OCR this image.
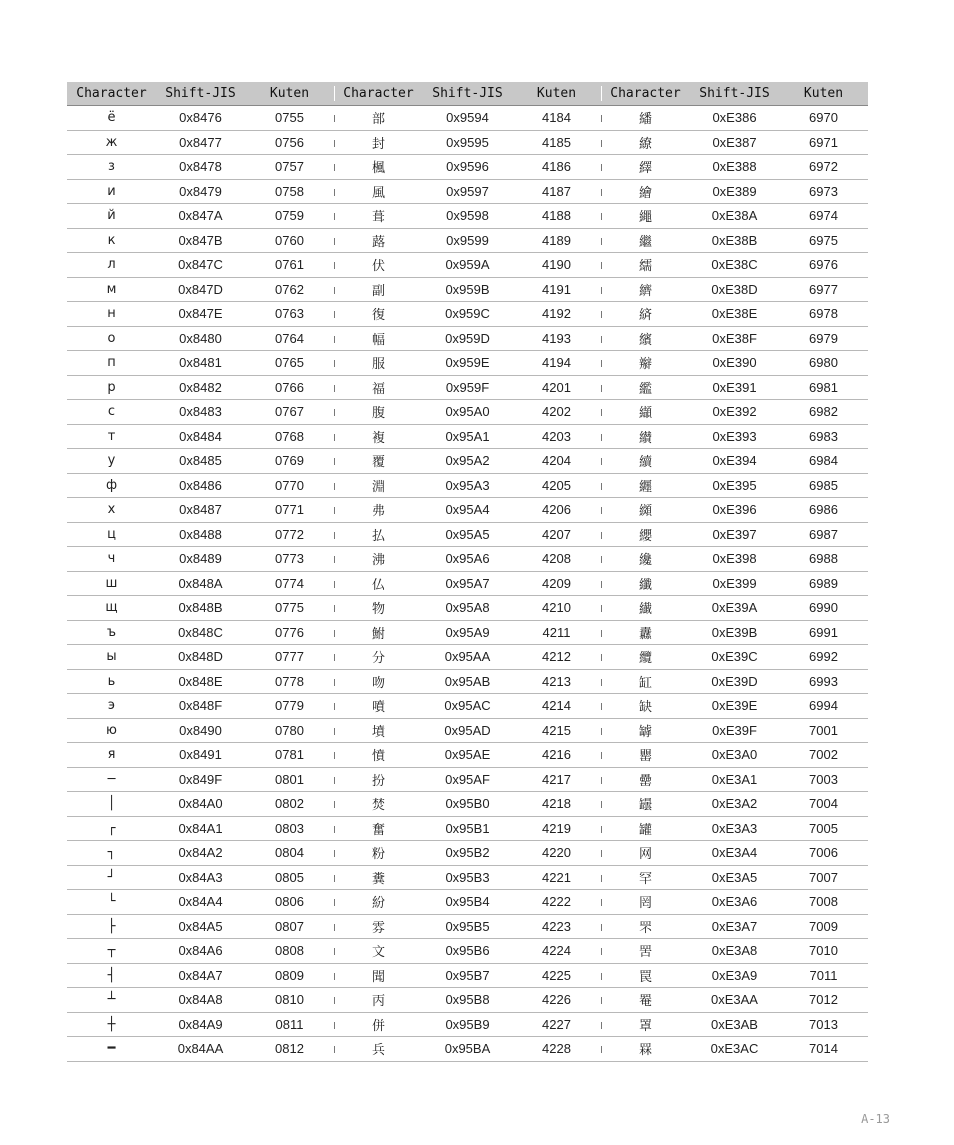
Character	Shift-JIS	Kuten	Character	Shift-JIS	Kuten	Character	Shift-JIS	Kuten
ё	0x8476	0755	部	0x9594	4184	繙	0xE386	6970
ж	0x8477	0756	封	0x9595	4185	繚	0xE387	6971
з	0x8478	0757	楓	0x9596	4186	繹	0xE388	6972
и	0x8479	0758	風	0x9597	4187	繪	0xE389	6973
й	0x847A	0759	葺	0x9598	4188	繩	0xE38A	6974
к	0x847B	0760	蕗	0x9599	4189	繼	0xE38B	6975
л	0x847C	0761	伏	0x959A	4190	繻	0xE38C	6976
м	0x847D	0762	副	0x959B	4191	纃	0xE38D	6977
н	0x847E	0763	復	0x959C	4192	緕	0xE38E	6978
о	0x8480	0764	幅	0x959D	4193	繽	0xE38F	6979
п	0x8481	0765	服	0x959E	4194	辮	0xE390	6980
р	0x8482	0766	福	0x959F	4201	繿	0xE391	6981
с	0x8483	0767	腹	0x95A0	4202	纈	0xE392	6982
т	0x8484	0768	複	0x95A1	4203	纉	0xE393	6983
у	0x8485	0769	覆	0x95A2	4204	續	0xE394	6984
ф	0x8486	0770	淵	0x95A3	4205	纒	0xE395	6985
х	0x8487	0771	弗	0x95A4	4206	纐	0xE396	6986
ц	0x8488	0772	払	0x95A5	4207	纓	0xE397	6987
ч	0x8489	0773	沸	0x95A6	4208	纔	0xE398	6988
ш	0x848A	0774	仏	0x95A7	4209	纖	0xE399	6989
щ	0x848B	0775	物	0x95A8	4210	纎	0xE39A	6990
ъ	0x848C	0776	鮒	0x95A9	4211	纛	0xE39B	6991
ы	0x848D	0777	分	0x95AA	4212	纜	0xE39C	6992
ь	0x848E	0778	吻	0x95AB	4213	缸	0xE39D	6993
э	0x848F	0779	噴	0x95AC	4214	缺	0xE39E	6994
ю	0x8490	0780	墳	0x95AD	4215	罅	0xE39F	7001
я	0x8491	0781	憤	0x95AE	4216	罌	0xE3A0	7002
─	0x849F	0801	扮	0x95AF	4217	罍	0xE3A1	7003
│	0x84A0	0802	焚	0x95B0	4218	罎	0xE3A2	7004
┌	0x84A1	0803	奮	0x95B1	4219	罐	0xE3A3	7005
┐	0x84A2	0804	粉	0x95B2	4220	网	0xE3A4	7006
┘	0x84A3	0805	糞	0x95B3	4221	罕	0xE3A5	7007
└	0x84A4	0806	紛	0x95B4	4222	罔	0xE3A6	7008
├	0x84A5	0807	雰	0x95B5	4223	罘	0xE3A7	7009
┬	0x84A6	0808	文	0x95B6	4224	罟	0xE3A8	7010
┤	0x84A7	0809	聞	0x95B7	4225	罠	0xE3A9	7011
┴	0x84A8	0810	丙	0x95B8	4226	罨	0xE3AA	7012
┼	0x84A9	0811	併	0x95B9	4227	罩	0xE3AB	7013
━	0x84AA	0812	兵	0x95BA	4228	罧	0xE3AC	7014
A-13
